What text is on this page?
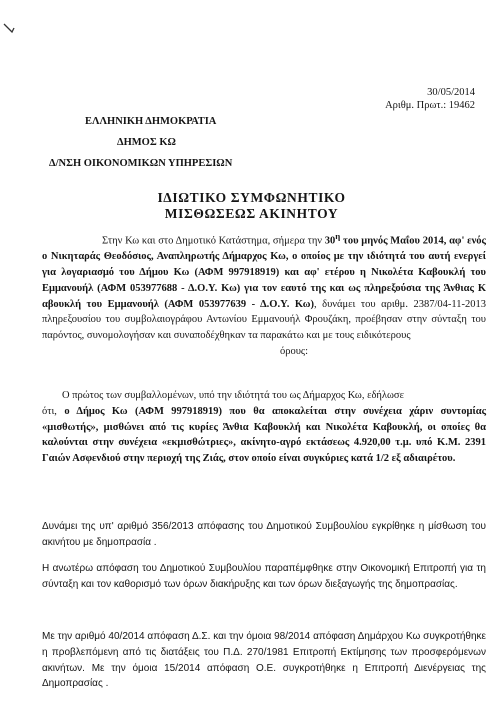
30/05/2014
Αριθμ. Πρωτ.: 19462
ΕΛΛΗΝΙΚΗ ΔΗΜΟΚΡΑΤΙΑ
ΔΗΜΟΣ ΚΩ
Δ/ΝΣΗ ΟΙΚΟΝΟΜΙΚΩΝ ΥΠΗΡΕΣΙΩΝ
ΙΔΙΩΤΙΚΟ ΣΥΜΦΩΝΗΤΙΚΟ
ΜΙΣΘΩΣΕΩΣ ΑΚΙΝΗΤΟΥ
Στην Κω και στο Δημοτικό Κατάστημα, σήμερα την $30^\eta$ του μηνός Μαΐου 2014, αφ' ενός ο Νικηταράς Θεοδόσιος, Αναπληρωτής Δήμαρχος Κω, ο οποίος με την ιδιότητά του αυτή ενεργεί για λογαριασμό του Δήμου Κω (ΑΦΜ 997918919) και αφ' ετέρου η Νικολέτα Καβουκλή του Εμμανουήλ (ΑΦΜ 053977688 - Δ.Ο.Υ. Κω) για τον εαυτό της και ως πληρεξούσια της Άνθιας Κ αβουκλή του Εμμανουήλ (ΑΦΜ 053977639 - Δ.Ο.Υ. Κω), δυνάμει του αριθμ. 2387/04-11-2013 πληρεξουσίου του συμβολαιογράφου Αντωνίου Εμμανουήλ Φρουζάκη, προέβησαν στην σύνταξη του παρόντος, συνομολογήσαν και συναποδέχθηκαν τα παρακάτω και με τους ειδικότερους
όρους:
Ο πρώτος των συμβαλλομένων, υπό την ιδιότητά του ως Δήμαρχος Κω, εδήλωσε
ότι, ο Δήμος Κω (ΑΦΜ 997918919) που θα αποκαλείται στην συνέχεια χάριν συντομίας «μισθωτής», μισθώνει από τις κυρίες Άνθια Καβουκλή και Νικολέτα Καβουκλή, οι οποίες θα καλούνται στην συνέχεια «εκμισθώτριες», ακίνητο-αγρό εκτάσεως 4.920,00 τ.μ. υπό Κ.Μ. 2391 Γαιών Ασφενδιού στην περιοχή της Ζιάς, στον οποίο είναι συγκύριες κατά 1/2 εξ αδιαιρέτου.
Δυνάμει της υπ' αριθμό 356/2013 απόφασης του Δημοτικού Συμβουλίου εγκρίθηκε η μίσθωση του ακινήτου με δημοπρασία .
Η ανωτέρω απόφαση του Δημοτικού Συμβουλίου παραπέμφθηκε στην Οικονομική Επιτροπή για τη σύνταξη και τον καθορισμό των όρων διακήρυξης και των όρων διεξαγωγής της δημοπρασίας.
Με την αριθμό 40/2014 απόφαση Δ.Σ. και την όμοια 98/2014 απόφαση Δημάρχου Κω συγκροτήθηκε η προβλεπόμενη από τις διατάξεις του Π.Δ. 270/1981 Επιτροπή Εκτίμησης των προσφερόμενων ακινήτων. Με την όμοια 15/2014 απόφαση Ο.Ε. συγκροτήθηκε η Επιτροπή Διενέργειας της Δημοπρασίας .
